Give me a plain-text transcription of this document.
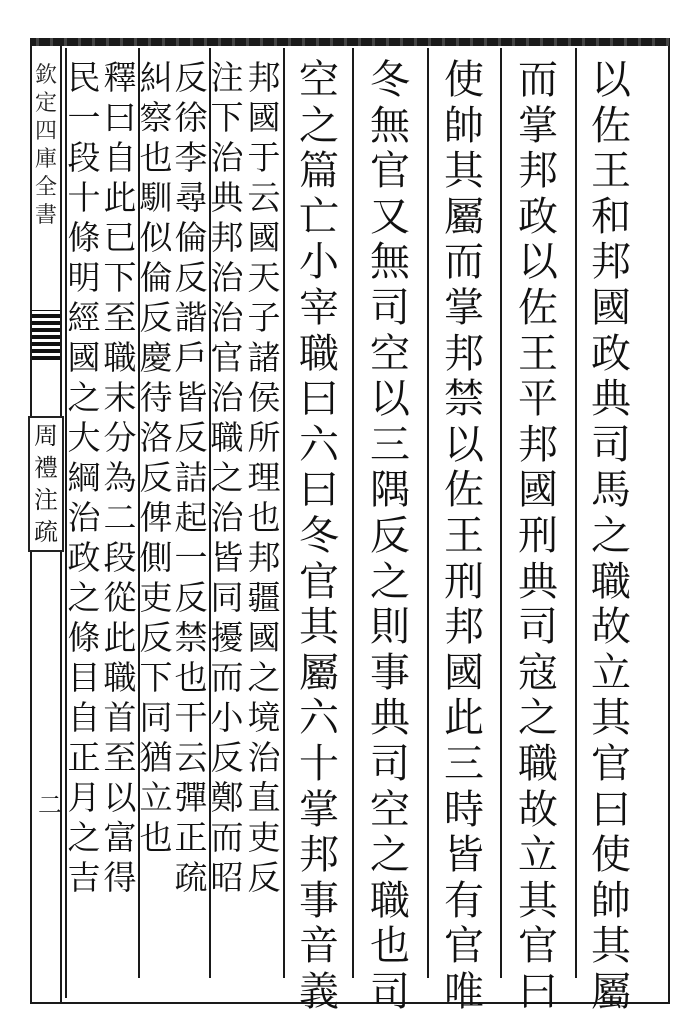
欽定四庫全書
周禮注疏
二
以佐王和邦國政典司馬之職故立其官曰使帥其屬
而掌邦政以佐王平邦國刑典司寇之職故立其官曰
使帥其屬而掌邦禁以佐王刑邦國此三時皆有官唯
冬無官又無司空以三隅反之則事典司空之職也司
空之篇亡小宰職曰六曰冬官其屬六十掌邦事音義
邦國于云國天子諸侯所理也邦疆國之境治直吏反
注下治典邦治治官治職之治皆同擾而小反鄭而昭
反徐李尋倫反諧戶皆反詰起一反禁也干云彈正疏
糾察也馴似倫反慶待洛反俾側吏反下同猶立也
釋曰自此已下至職末分為二段從此職首至以富得
民一段十條明經國之大綱治政之條目自正月之吉
